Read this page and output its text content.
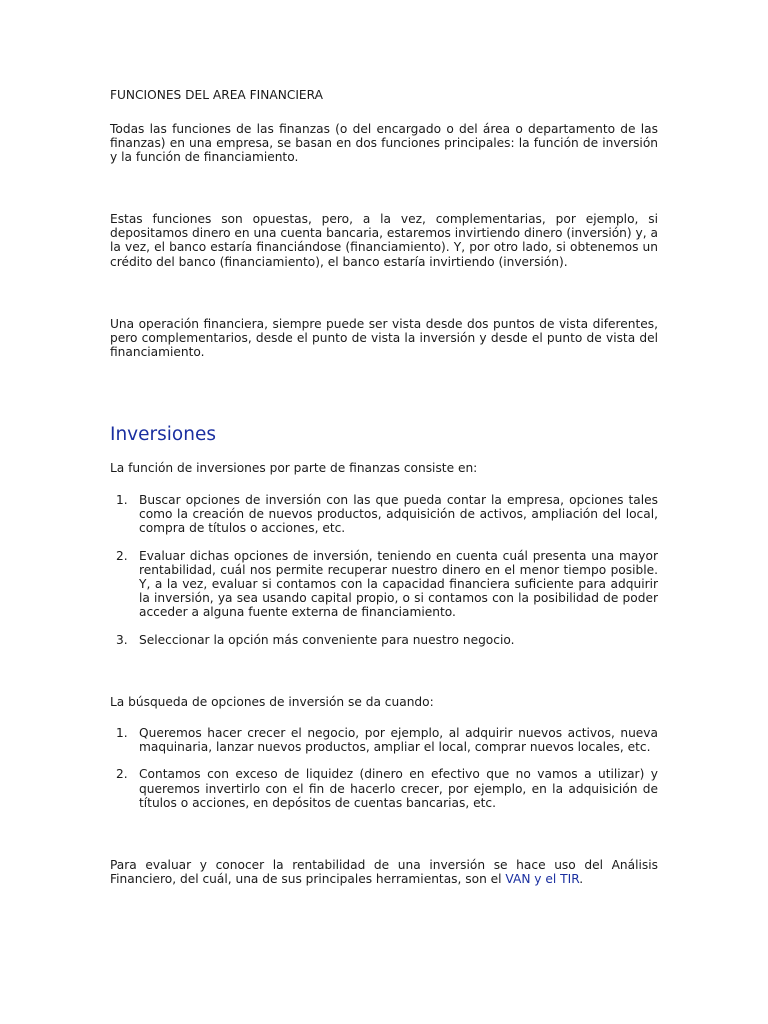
FUNCIONES DEL AREA FINANCIERA

Todas las funciones de las finanzas (o del encargado o del área o departamento de las finanzas) en una empresa, se basan en dos funciones principales: la función de inversión y la función de financiamiento.

Estas funciones son opuestas, pero, a la vez, complementarias, por ejemplo, si depositamos dinero en una cuenta bancaria, estaremos invirtiendo dinero (inversión) y, a la vez, el banco estaría financiándose (financiamiento). Y, por otro lado, si obtenemos un crédito del banco (financiamiento), el banco estaría invirtiendo (inversión).

Una operación financiera, siempre puede ser vista desde dos puntos de vista diferentes, pero complementarios, desde el punto de vista la inversión y desde el punto de vista del financiamiento.

Inversiones

La función de inversiones por parte de finanzas consiste en:

1. Buscar opciones de inversión con las que pueda contar la empresa, opciones tales como la creación de nuevos productos, adquisición de activos, ampliación del local, compra de títulos o acciones, etc.
2. Evaluar dichas opciones de inversión, teniendo en cuenta cuál presenta una mayor rentabilidad, cuál nos permite recuperar nuestro dinero en el menor tiempo posible. Y, a la vez, evaluar si contamos con la capacidad financiera suficiente para adquirir la inversión, ya sea usando capital propio, o si contamos con la posibilidad de poder acceder a alguna fuente externa de financiamiento.
3. Seleccionar la opción más conveniente para nuestro negocio.

La búsqueda de opciones de inversión se da cuando:

1. Queremos hacer crecer el negocio, por ejemplo, al adquirir nuevos activos, nueva maquinaria, lanzar nuevos productos, ampliar el local, comprar nuevos locales, etc.
2. Contamos con exceso de liquidez (dinero en efectivo que no vamos a utilizar) y queremos invertirlo con el fin de hacerlo crecer, por ejemplo, en la adquisición de títulos o acciones, en depósitos de cuentas bancarias, etc.

Para evaluar y conocer la rentabilidad de una inversión se hace uso del Análisis Financiero, del cuál, una de sus principales herramientas, son el VAN y el TIR.
